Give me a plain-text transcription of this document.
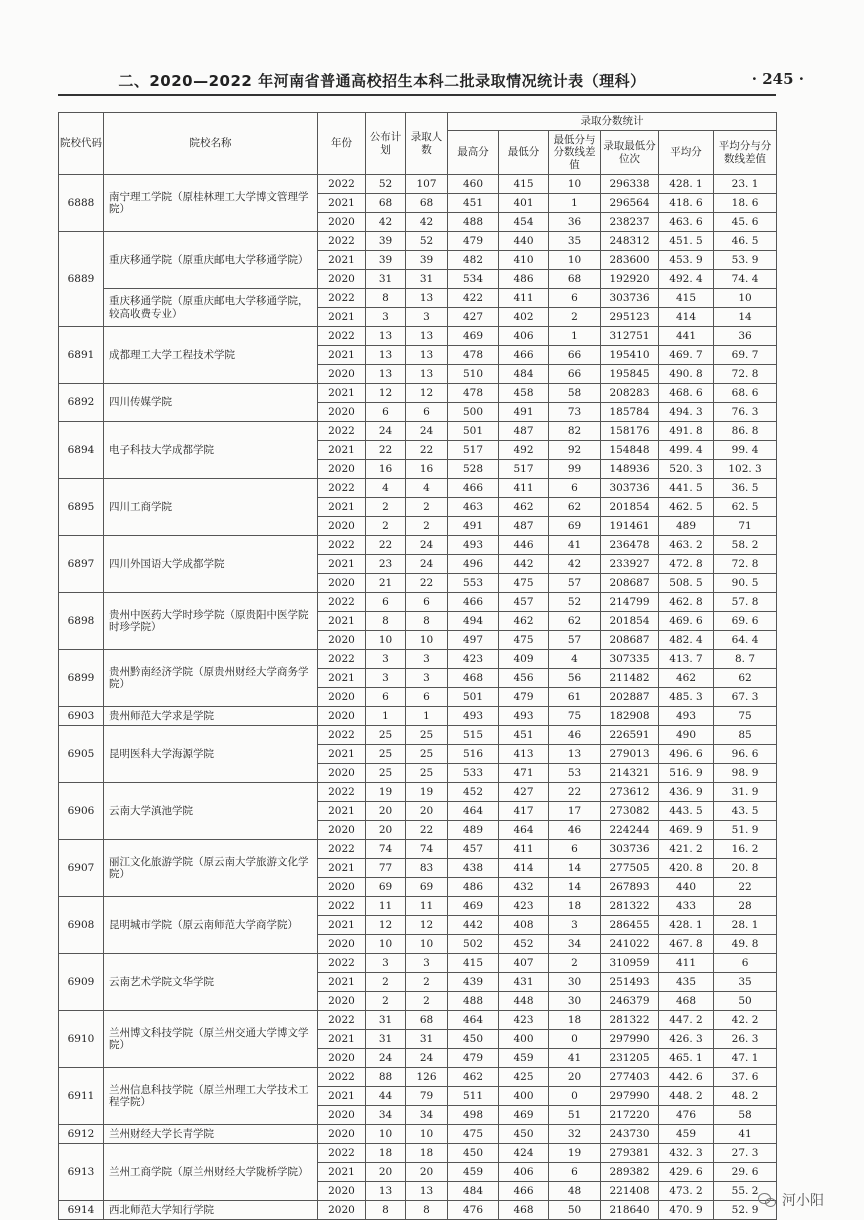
二、2020—2022 年河南省普通高校招生本科二批录取情况统计表（理科）	· 245 ·
院校代码	院校名称	年份	公布计划	录取人数	录取分数统计					
					最高分	最低分	最低分与分数线差值	录取最低分位次	平均分	平均分与分数线差值
6888	南宁理工学院（原桂林理工大学博文管理学院）	2022	52	107	460	415	10	296338	428. 1	23. 1
		2021	68	68	451	401	1	296564	418. 6	18. 6
		2020	42	42	488	454	36	238237	463. 6	45. 6
6889	重庆移通学院（原重庆邮电大学移通学院）	2022	39	52	479	440	35	248312	451. 5	46. 5
		2021	39	39	482	410	10	283600	453. 9	53. 9
		2020	31	31	534	486	68	192920	492. 4	74. 4
	重庆移通学院（原重庆邮电大学移通学院，较高收费专业）	2022	8	13	422	411	6	303736	415	10
		2021	3	3	427	402	2	295123	414	14
6891	成都理工大学工程技术学院	2022	13	13	469	406	1	312751	441	36
		2021	13	13	478	466	66	195410	469. 7	69. 7
		2020	13	13	510	484	66	195845	490. 8	72. 8
6892	四川传媒学院	2021	12	12	478	458	58	208283	468. 6	68. 6
		2020	6	6	500	491	73	185784	494. 3	76. 3
6894	电子科技大学成都学院	2022	24	24	501	487	82	158176	491. 8	86. 8
		2021	22	22	517	492	92	154848	499. 4	99. 4
		2020	16	16	528	517	99	148936	520. 3	102. 3
6895	四川工商学院	2022	4	4	466	411	6	303736	441. 5	36. 5
		2021	2	2	463	462	62	201854	462. 5	62. 5
		2020	2	2	491	487	69	191461	489	71
6897	四川外国语大学成都学院	2022	22	24	493	446	41	236478	463. 2	58. 2
		2021	23	24	496	442	42	233927	472. 8	72. 8
		2020	21	22	553	475	57	208687	508. 5	90. 5
6898	贵州中医药大学时珍学院（原贵阳中医学院时珍学院）	2022	6	6	466	457	52	214799	462. 8	57. 8
		2021	8	8	494	462	62	201854	469. 6	69. 6
		2020	10	10	497	475	57	208687	482. 4	64. 4
6899	贵州黔南经济学院（原贵州财经大学商务学院）	2022	3	3	423	409	4	307335	413. 7	8. 7
		2021	3	3	468	456	56	211482	462	62
		2020	6	6	501	479	61	202887	485. 3	67. 3
6903	贵州师范大学求是学院	2020	1	1	493	493	75	182908	493	75
6905	昆明医科大学海源学院	2022	25	25	515	451	46	226591	490	85
		2021	25	25	516	413	13	279013	496. 6	96. 6
		2020	25	25	533	471	53	214321	516. 9	98. 9
6906	云南大学滇池学院	2022	19	19	452	427	22	273612	436. 9	31. 9
		2021	20	20	464	417	17	273082	443. 5	43. 5
		2020	20	22	489	464	46	224244	469. 9	51. 9
6907	丽江文化旅游学院（原云南大学旅游文化学院）	2022	74	74	457	411	6	303736	421. 2	16. 2
		2021	77	83	438	414	14	277505	420. 8	20. 8
		2020	69	69	486	432	14	267893	440	22
6908	昆明城市学院（原云南师范大学商学院）	2022	11	11	469	423	18	281322	433	28
		2021	12	12	442	408	3	286455	428. 1	28. 1
		2020	10	10	502	452	34	241022	467. 8	49. 8
6909	云南艺术学院文华学院	2022	3	3	415	407	2	310959	411	6
		2021	2	2	439	431	30	251493	435	35
		2020	2	2	488	448	30	246379	468	50
6910	兰州博文科技学院（原兰州交通大学博文学院）	2022	31	68	464	423	18	281322	447. 2	42. 2
		2021	31	31	450	400	0	297990	426. 3	26. 3
		2020	24	24	479	459	41	231205	465. 1	47. 1
6911	兰州信息科技学院（原兰州理工大学技术工程学院）	2022	88	126	462	425	20	277403	442. 6	37. 6
		2021	44	79	511	400	0	297990	448. 2	48. 2
		2020	34	34	498	469	51	217220	476	58
6912	兰州财经大学长青学院	2020	10	10	475	450	32	243730	459	41
6913	兰州工商学院（原兰州财经大学陇桥学院）	2022	18	18	450	424	19	279381	432. 3	27. 3
		2021	20	20	459	406	6	289382	429. 6	29. 6
		2020	13	13	484	466	48	221408	473. 2	55. 2
6914	西北师范大学知行学院	2020	8	8	476	468	50	218640	470. 9	52. 9
河小阳
